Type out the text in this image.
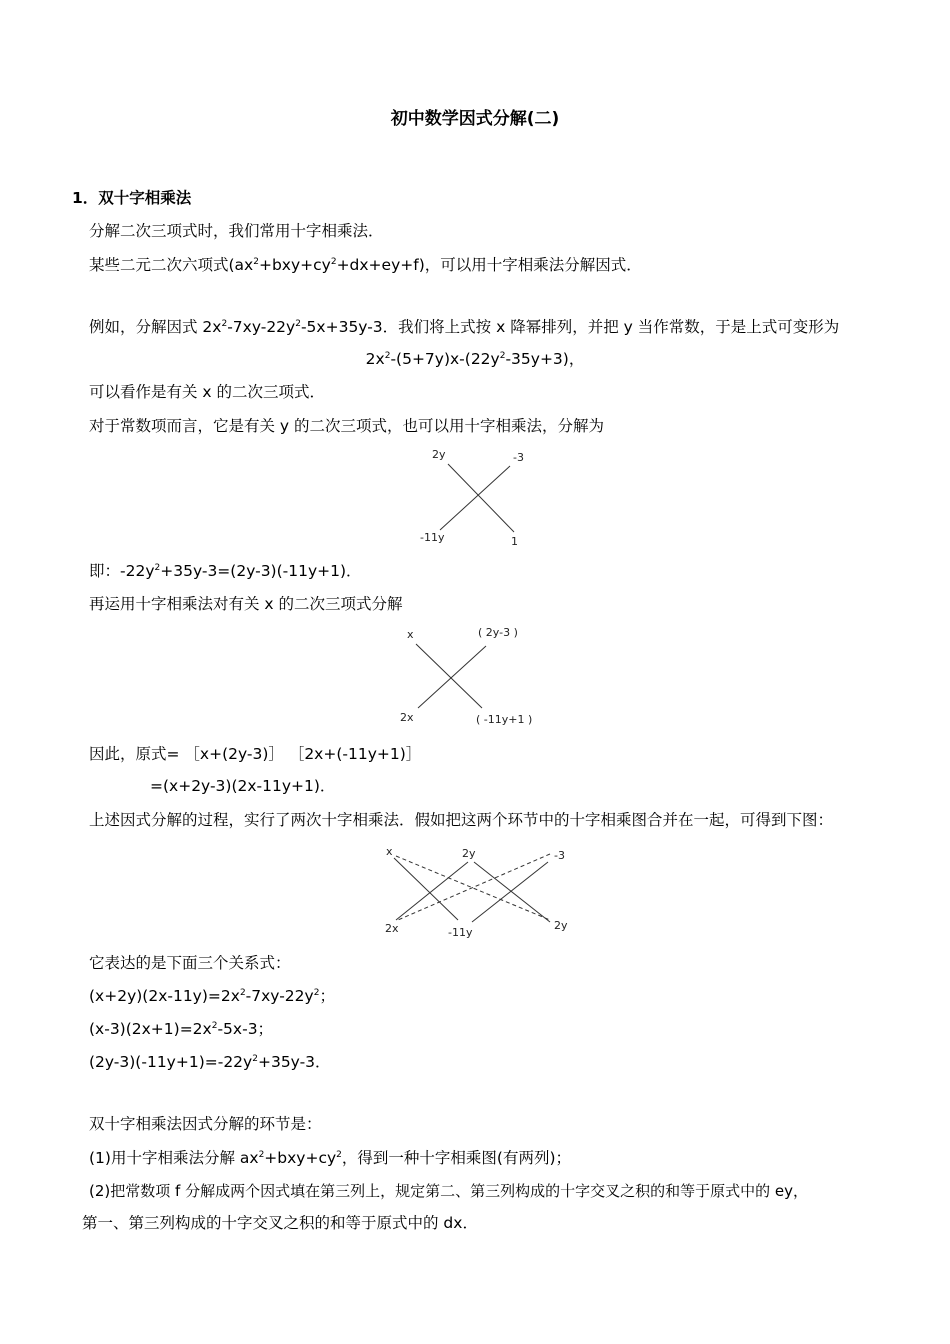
初中数学因式分解(二)
1．双十字相乘法
分解二次三项式时，我们常用十字相乘法．
某些二元二次六项式$(ax^2+bxy+cy^2+dx+ey+f)$，可以用十字相乘法分解因式．
例如，分解因式 $2x^2-7xy-22y^2-5x+35y-3$．我们将上式按 x 降幂排列，并把 y 当作常数，于是上式可变形为
$2x^2-(5+7y)x-(22y^2-35y+3)$，
可以看作是有关 x 的二次三项式．
对于常数项而言，它是有关 y 的二次三项式，也可以用十字相乘法，分解为
2y	-3
-11y	1
即：$-22y^2+35y-3=(2y-3)(-11y+1)$．
再运用十字相乘法对有关 x 的二次三项式分解
x	( 2y-3 )
2x	( -11y+1 )
因此，原式= ［x+(2y-3)］ ［2x+(-11y+1)］
=(x+2y-3)(2x-11y+1)．
上述因式分解的过程，实行了两次十字相乘法．假如把这两个环节中的十字相乘图合并在一起，可得到下图：
x	2y	-3
2x	-11y
2y
它表达的是下面三个关系式：
$(x+2y)(2x-11y)=2x^2-7xy-22y^2$；
$(x-3)(2x+1)=2x^2-5x-3$；
$(2y-3)(-11y+1)=-22y^2+35y-3$．
双十字相乘法因式分解的环节是：
(1)用十字相乘法分解 $ax^2+bxy+cy^2$，得到一种十字相乘图(有两列)；
(2)把常数项 f 分解成两个因式填在第三列上，规定第二、第三列构成的十字交叉之积的和等于原式中的 ey，
第一、第三列构成的十字交叉之积的和等于原式中的 dx．
